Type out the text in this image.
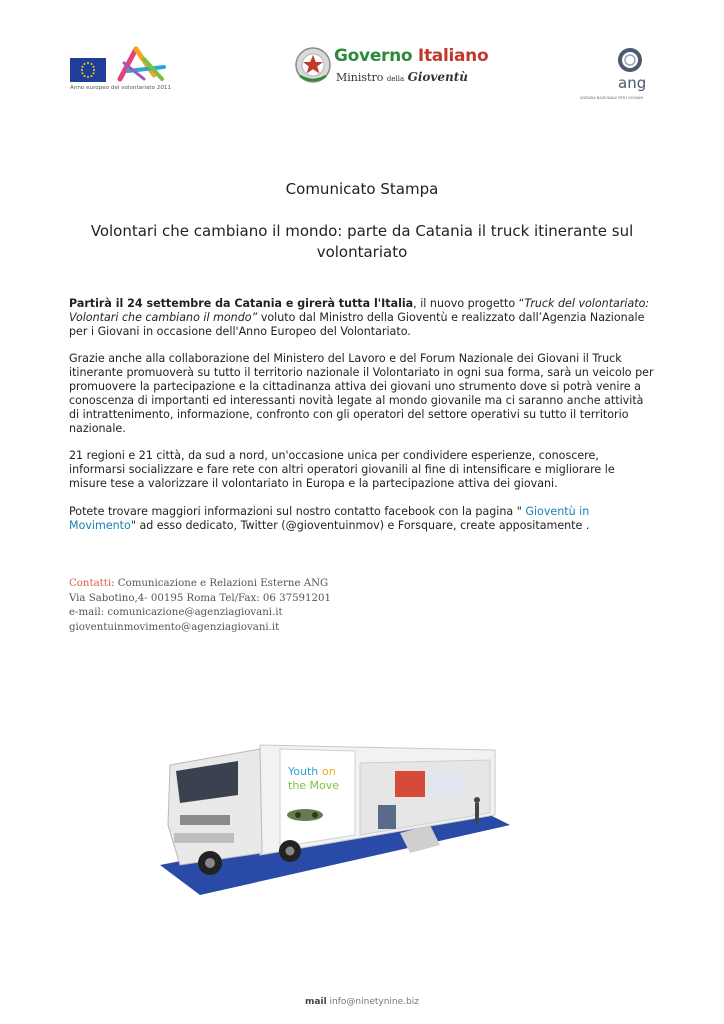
Anno europeo del volontariato 2011
Governo Italiano
Ministro della Gioventù	ang
AGENZIA NAZIONALE PER I GIOVANI
Comunicato Stampa
Volontari che cambiano il mondo: parte da Catania il truck itinerante sul volontariato

Partirà il 24 settembre da Catania e girerà tutta l'Italia, il nuovo progetto “Truck del volontariato: Volontari che cambiano il mondo” voluto dal Ministro della Gioventù e realizzato dall’Agenzia Nazionale per i Giovani in occasione dell'Anno Europeo del Volontariato.

Grazie anche alla collaborazione del Ministero del Lavoro e del Forum Nazionale dei Giovani il Truck itinerante promuoverà su tutto il territorio nazionale il Volontariato in ogni sua forma, sarà un veicolo per promuovere la partecipazione e la cittadinanza attiva dei giovani uno strumento dove si potrà venire a conoscenza di importanti ed interessanti novità legate al mondo giovanile ma ci saranno anche attività di intrattenimento, informazione, confronto con gli operatori del settore operativi su tutto il territorio nazionale.

21 regioni e 21 città, da sud a nord, un'occasione unica per condividere esperienze, conoscere, informarsi socializzare e fare rete con altri operatori giovanili al fine di intensificare e migliorare le misure tese a valorizzare il volontariato in Europa e la partecipazione attiva dei giovani.

Potete trovare maggiori informazioni sul nostro contatto facebook con la pagina " Gioventù in Movimento" ad esso dedicato, Twitter (@gioventuinmov) e Forsquare, create appositamente .

Contatti: Comunicazione e Relazioni Esterne ANG
Via Sabotino,4- 00195 Roma Tel/Fax: 06 37591201
e-mail: comunicazione@agenziagiovani.it
gioventuinmovimento@agenziagiovani.it
Youth on
the Move
mail info@ninetynine.biz
